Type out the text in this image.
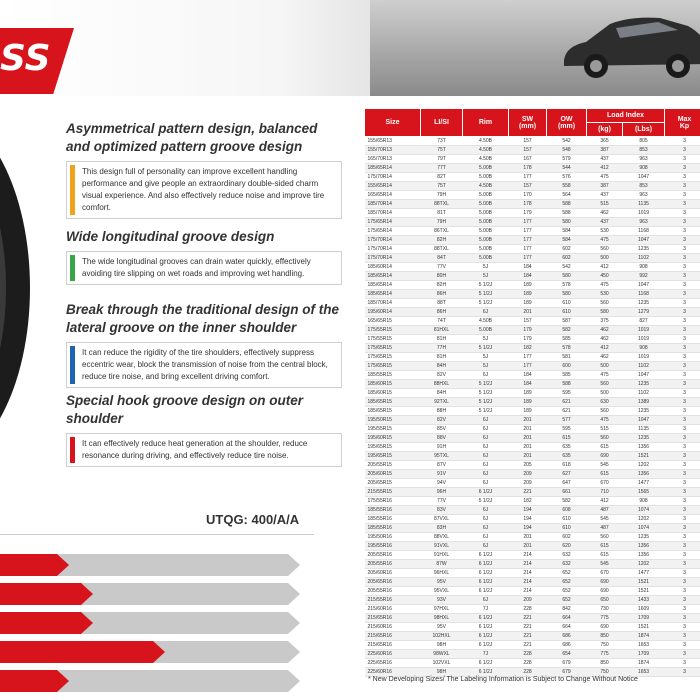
SS
Asymmetrical pattern design, balanced and optimized pattern groove design
This design full of personality can improve excellent handling performance and give people an extraordinary double-sided charm visual experience. And also effectively reduce noise and improve tire comfort.
Wide longitudinal groove design
The wide longitudinal grooves can drain water quickly, effectively avoiding tire slipping on wet roads and improving wet handling.
Break through the traditional design of the lateral groove on the inner shoulder
It can reduce the rigidity of the tire shoulders, effectively suppress eccentric wear, block the transmission of noise from the central block, reduce tire noise, and bring excellent driving comfort.
Special hook groove design on outer shoulder
It can effectively reduce heat generation at the shoulder, reduce resonance during driving, and effectively reduce tire noise.
UTQG: 400/A/A
Size	LI/SI	Rim	SW
(mm)	OW
(mm)	Load Index		Max
Kp
					(kg)	(Lbs)	
155/65R13	73T	4.50B	157	542	365	805	3
155/70R13	75T	4.50B	157	548	387	853	3
165/70R13	79T	4.50B	167	579	437	963	3
185/65R14	77T	5.00B	178	544	412	908	3
175/70R14	82T	5.00B	177	576	475	1047	3
155/65R14	75T	4.50B	157	558	387	853	3
165/65R14	79H	5.00B	170	564	437	963	3
185/70R14	88TXL	5.00B	178	588	515	1135	3
185/70R14	81T	5.00B	179	588	462	1019	3
175/65R14	79H	5.00B	177	580	437	963	3
175/65R14	86TXL	5.00B	177	584	530	1168	3
175/70R14	82H	5.00B	177	584	475	1047	3
175/70R14	88TXL	5.00B	177	602	560	1235	3
175/70R14	84T	5.00B	177	602	500	1102	3
185/60R14	77V	5J	184	542	412	908	3
185/65R14	80H	5J	184	580	450	992	3
185/65R14	82H	5 1/2J	189	578	475	1047	3
185/65R14	86H	5 1/2J	189	580	530	1168	3
185/70R14	88T	5 1/2J	189	610	560	1235	3
195/60R14	86H	6J	201	610	580	1279	3
165/65R15	74T	4.50B	157	587	375	827	3
175/55R15	81HXL	5.00B	179	582	462	1019	3
175/55R15	81H	5J	179	585	462	1019	3
175/65R15	77H	5 1/2J	182	578	412	908	3
175/65R15	81H	5J	177	581	462	1019	3
175/65R15	84H	5J	177	600	500	1102	3
185/55R15	82V	6J	184	585	475	1047	3
185/60R15	88HXL	5 1/2J	184	588	560	1235	3
185/60R15	84H	5 1/2J	189	595	500	1102	3
185/65R15	92TXL	5 1/2J	189	621	630	1389	3
185/65R15	88H	5 1/2J	189	621	560	1235	3
195/50R15	82V	6J	201	577	475	1047	3
195/55R15	85V	6J	201	595	515	1135	3
195/60R15	88V	6J	201	615	560	1235	3
195/65R15	91H	6J	201	635	615	1356	3
195/65R15	95TXL	6J	201	635	690	1521	3
205/55R15	87V	6J	205	618	545	1202	3
205/60R15	91V	6J	209	627	615	1356	3
205/65R15	94V	6J	209	647	670	1477	3
215/55R15	96H	6 1/2J	221	661	710	1565	3
175/55R16	77V	5 1/2J	182	582	412	908	3
185/55R16	83V	6J	194	608	487	1074	3
185/55R16	87VXL	6J	194	610	545	1202	3
185/55R16	83H	6J	194	610	487	1074	3
195/50R16	88VXL	6J	201	602	560	1235	3
195/55R16	91VXL	6J	201	620	615	1356	3
205/55R16	91HXL	6 1/2J	214	632	615	1356	3
205/55R16	87W	6 1/2J	214	632	545	1202	3
205/60R16	96HXL	6 1/2J	214	652	670	1477	3
205/65R16	95V	6 1/2J	214	652	690	1521	3
205/55R16	95VXL	6 1/2J	214	652	690	1521	3
215/55R16	93V	6J	209	652	650	1433	3
215/60R16	97HXL	7J	228	842	730	1609	3
215/65R16	98HXL	6 1/2J	221	664	775	1709	3
215/60R16	95V	6 1/2J	221	664	690	1521	3
215/65R16	102HXL	6 1/2J	221	686	850	1874	3
215/65R16	98H	6 1/2J	221	686	750	1653	3
225/60R16	98WXL	7J	228	654	775	1709	3
225/65R16	102VXL	6 1/2J	228	679	850	1874	3
225/60R16	98H	6 1/2J	228	679	750	1653	3
* New Developing Sizes/ The Labeling Information is Subject to Change Without Notice
